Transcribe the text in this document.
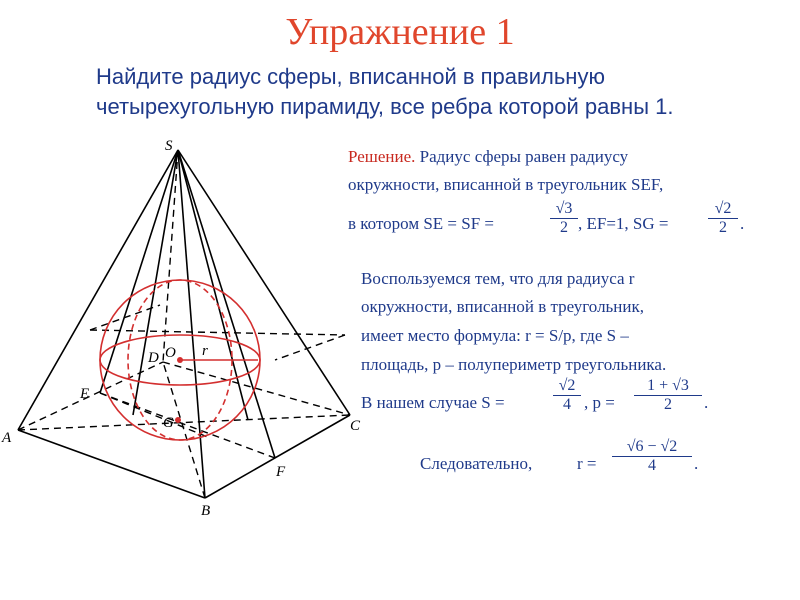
Упражнение 1
Найдите радиус сферы, вписанной в правильную
четырехугольную пирамиду, все ребра которой равны 1.
S
A
B
C
D
E
F
G
O r
Решение. Радиус сферы равен радиусу
окружности, вписанной в треугольник SEF,
в котором SE = SF =	$\frac{√3}{2}$ , EF=1, SG = $\frac{√2}{2}$ .
Воспользуемся тем, что для радиуса r
окружности, вписанной в треугольник,
имеет место формула: r = S/p, где S –
площадь, p – полупериметр треугольника.
В нашем случае S =	$\frac{√2}{4}$ , $p = \frac{1 + √3}{2}$ .
Следовательно,	$r = \frac{√6 - √2}{4}$ .
